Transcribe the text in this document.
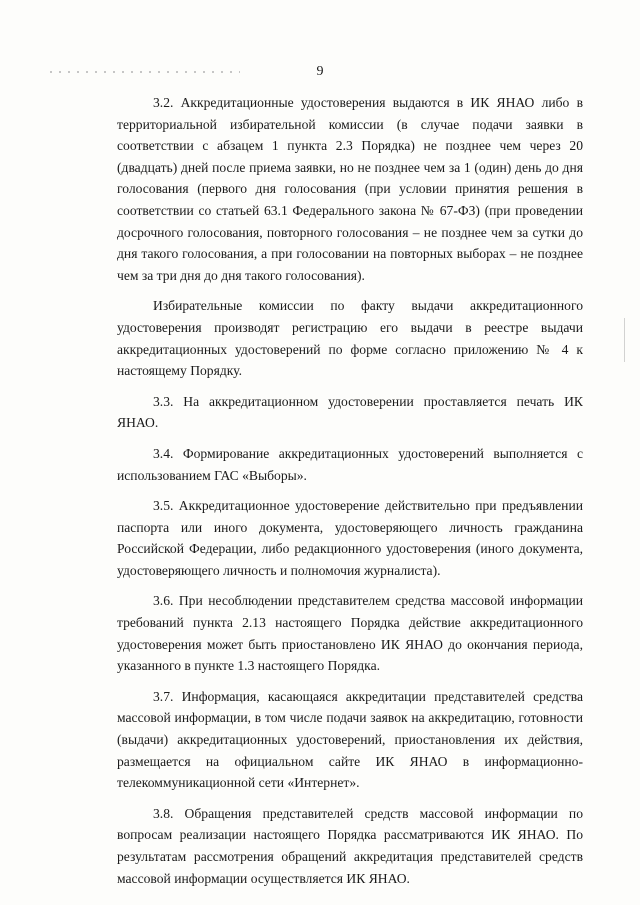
9

3.2. Аккредитационные удостоверения выдаются в ИК ЯНАО либо в территориальной избирательной комиссии (в случае подачи заявки в соответствии с абзацем 1 пункта 2.3 Порядка) не позднее чем через 20 (двадцать) дней после приема заявки, но не позднее чем за 1 (один) день до дня голосования (первого дня голосования (при условии принятия решения в соответствии со статьей 63.1 Федерального закона № 67-ФЗ) (при проведении досрочного голосования, повторного голосования – не позднее чем за сутки до дня такого голосования, а при голосовании на повторных выборах – не позднее чем за три дня до дня такого голосования).

Избирательные комиссии по факту выдачи аккредитационного удостоверения производят регистрацию его выдачи в реестре выдачи аккредитационных удостоверений по форме согласно приложению № 4 к настоящему Порядку.

3.3. На аккредитационном удостоверении проставляется печать ИК ЯНАО.

3.4. Формирование аккредитационных удостоверений выполняется с использованием ГАС «Выборы».

3.5. Аккредитационное удостоверение действительно при предъявлении паспорта или иного документа, удостоверяющего личность гражданина Российской Федерации, либо редакционного удостоверения (иного документа, удостоверяющего личность и полномочия журналиста).

3.6. При несоблюдении представителем средства массовой информации требований пункта 2.13 настоящего Порядка действие аккредитационного удостоверения может быть приостановлено ИК ЯНАО до окончания периода, указанного в пункте 1.3 настоящего Порядка.

3.7. Информация, касающаяся аккредитации представителей средства массовой информации, в том числе подачи заявок на аккредитацию, готовности (выдачи) аккредитационных удостоверений, приостановления их действия, размещается на официальном сайте ИК ЯНАО в информационно-телекоммуникационной сети «Интернет».

3.8. Обращения представителей средств массовой информации по вопросам реализации настоящего Порядка рассматриваются ИК ЯНАО. По результатам рассмотрения обращений аккредитация представителей средств массовой информации осуществляется ИК ЯНАО.
